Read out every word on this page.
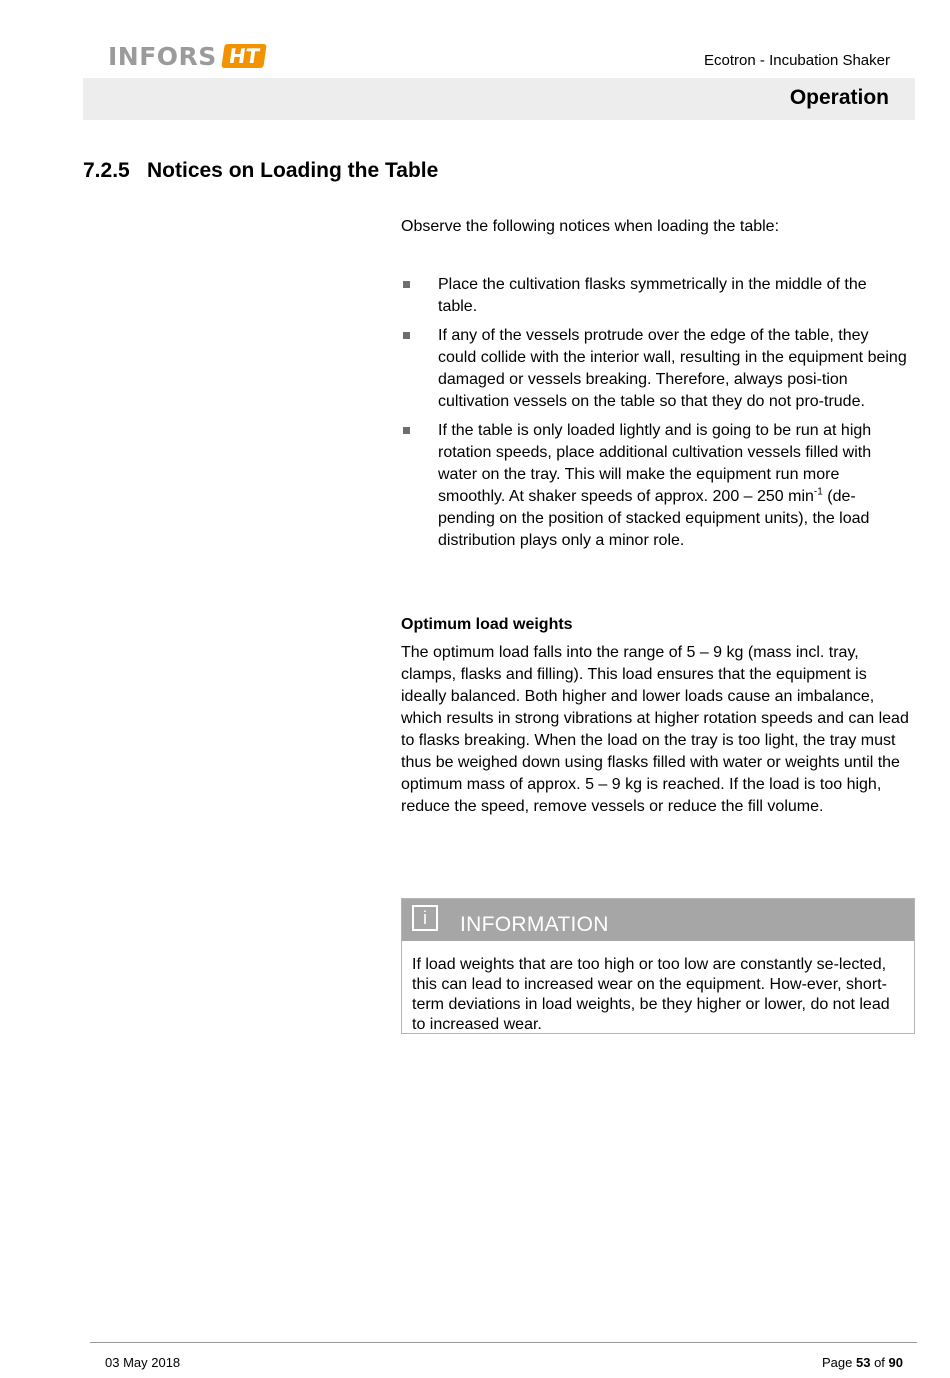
INFORS HT	Ecotron - Incubation Shaker
Operation
7.2.5 Notices on Loading the Table

Observe the following notices when loading the table:

Place the cultivation flasks symmetrically in the middle of the table.
If any of the vessels protrude over the edge of the table, they could collide with the interior wall, resulting in the equipment being damaged or vessels breaking. Therefore, always posi-tion cultivation vessels on the table so that they do not pro-trude.
If the table is only loaded lightly and is going to be run at high rotation speeds, place additional cultivation vessels filled with water on the tray. This will make the equipment run more smoothly. At shaker speeds of approx. 200 – 250 $\min^{-1}$ (de-pending on the position of stacked equipment units), the load distribution plays only a minor role.

Optimum load weights

The optimum load falls into the range of 5 – 9 kg (mass incl. tray, clamps, flasks and filling). This load ensures that the equipment is ideally balanced. Both higher and lower loads cause an imbalance, which results in strong vibrations at higher rotation speeds and can lead to flasks breaking. When the load on the tray is too light, the tray must thus be weighed down using flasks filled with water or weights until the optimum mass of approx. 5 – 9 kg is reached. If the load is too high, reduce the speed, remove vessels or reduce the fill volume.

i	INFORMATION
If load weights that are too high or too low are constantly se-lected, this can lead to increased wear on the equipment. How-ever, short-term deviations in load weights, be they higher or lower, do not lead to increased wear.
03 May 2018	Page 53 of 90
